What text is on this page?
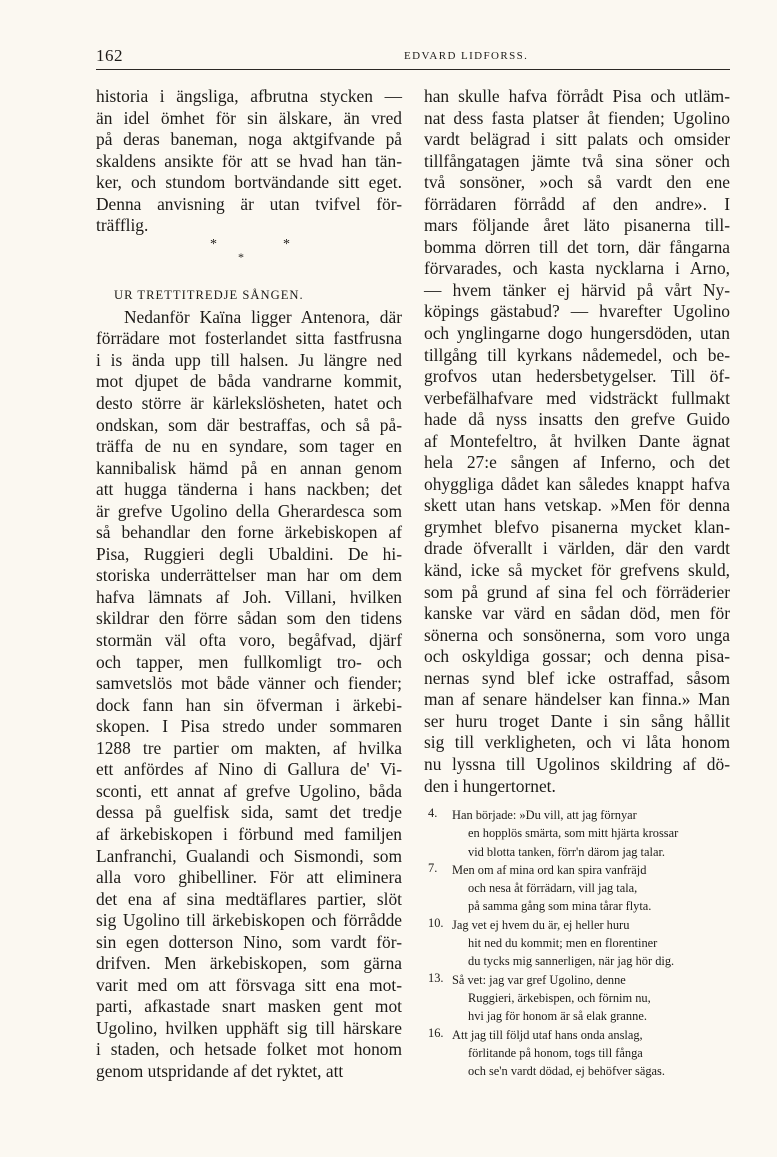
162	EDVARD LIDFORSS.
historia i ängsliga, afbrutna stycken —
än idel ömhet för sin älskare, än vred
på deras baneman, noga aktgifvande på
skaldens ansikte för att se hvad han tän-
ker, och stundom bortvändande sitt eget.
Denna anvisning är utan tvifvel för-
träfflig.
*
*
*
UR TRETTITREDJE SÅNGEN.
Nedanför Kaïna ligger Antenora, där
förrädare mot fosterlandet sitta fastfrusna
i is ända upp till halsen. Ju längre ned
mot djupet de båda vandrarne kommit,
desto större är kärlekslösheten, hatet och
ondskan, som där bestraffas, och så på-
träffa de nu en syndare, som tager en
kannibalisk hämd på en annan genom
att hugga tänderna i hans nackben; det
är grefve Ugolino della Gherardesca som
så behandlar den forne ärkebiskopen af
Pisa, Ruggieri degli Ubaldini. De hi-
storiska underrättelser man har om dem
hafva lämnats af Joh. Villani, hvilken
skildrar den förre sådan som den tidens
stormän väl ofta voro, begåfvad, djärf
och tapper, men fullkomligt tro- och
samvetslös mot både vänner och fiender;
dock fann han sin öfverman i ärkebi-
skopen. I Pisa stredo under sommaren
1288 tre partier om makten, af hvilka
ett anfördes af Nino di Gallura de' Vi-
sconti, ett annat af grefve Ugolino, båda
dessa på guelfisk sida, samt det tredje
af ärkebiskopen i förbund med familjen
Lanfranchi, Gualandi och Sismondi, som
alla voro ghibelliner. För att eliminera
det ena af sina medtäflares partier, slöt
sig Ugolino till ärkebiskopen och förrådde
sin egen dotterson Nino, som vardt för-
drifven. Men ärkebiskopen, som gärna
varit med om att försvaga sitt ena mot-
parti, afkastade snart masken gent mot
Ugolino, hvilken upphäft sig till härskare
i staden, och hetsade folket mot honom
genom utspridande af det ryktet, att
han skulle hafva förrådt Pisa och utläm-
nat dess fasta platser åt fienden; Ugolino
vardt belägrad i sitt palats och omsider
tillfångatagen jämte två sina söner och
två sonsöner, »och så vardt den ene
förrädaren förrådd af den andre». I
mars följande året läto pisanerna till-
bomma dörren till det torn, där fångarna
förvarades, och kasta nycklarna i Arno,
— hvem tänker ej härvid på vårt Ny-
köpings gästabud? — hvarefter Ugolino
och ynglingarne dogo hungersdöden, utan
tillgång till kyrkans nådemedel, och be-
grofvos utan hedersbetygelser. Till öf-
verbefälhafvare med vidsträckt fullmakt
hade då nyss insatts den grefve Guido
af Montefeltro, åt hvilken Dante ägnat
hela 27:e sången af Inferno, och det
ohyggliga dådet kan således knappt hafva
skett utan hans vetskap. »Men för denna
grymhet blefvo pisanerna mycket klan-
drade öfverallt i världen, där den vardt
känd, icke så mycket för grefvens skuld,
som på grund af sina fel och förräderier
kanske var värd en sådan död, men för
sönerna och sonsönerna, som voro unga
och oskyldiga gossar; och denna pisa-
nernas synd blef icke ostraffad, såsom
man af senare händelser kan finna.» Man
ser huru troget Dante i sin sång hållit
sig till verkligheten, och vi låta honom
nu lyssna till Ugolinos skildring af dö-
den i hungertornet.
4.	Han började: »Du vill, att jag förnyar
en hopplös smärta, som mitt hjärta krossar
vid blotta tanken, förr'n därom jag talar.
7.	Men om af mina ord kan spira vanfräjd
och nesa åt förrädarn, vill jag tala,
på samma gång som mina tårar flyta.
10. Jag vet ej hvem du är, ej heller huru
hit ned du kommit; men en florentiner
du tycks mig sannerligen, när jag hör dig.
13. Så vet: jag var gref Ugolino, denne
Ruggieri, ärkebispen, och förnim nu,
hvi jag för honom är så elak granne.
16. Att jag till följd utaf hans onda anslag,
förlitande på honom, togs till fånga
och se'n vardt dödad, ej behöfver sägas.
